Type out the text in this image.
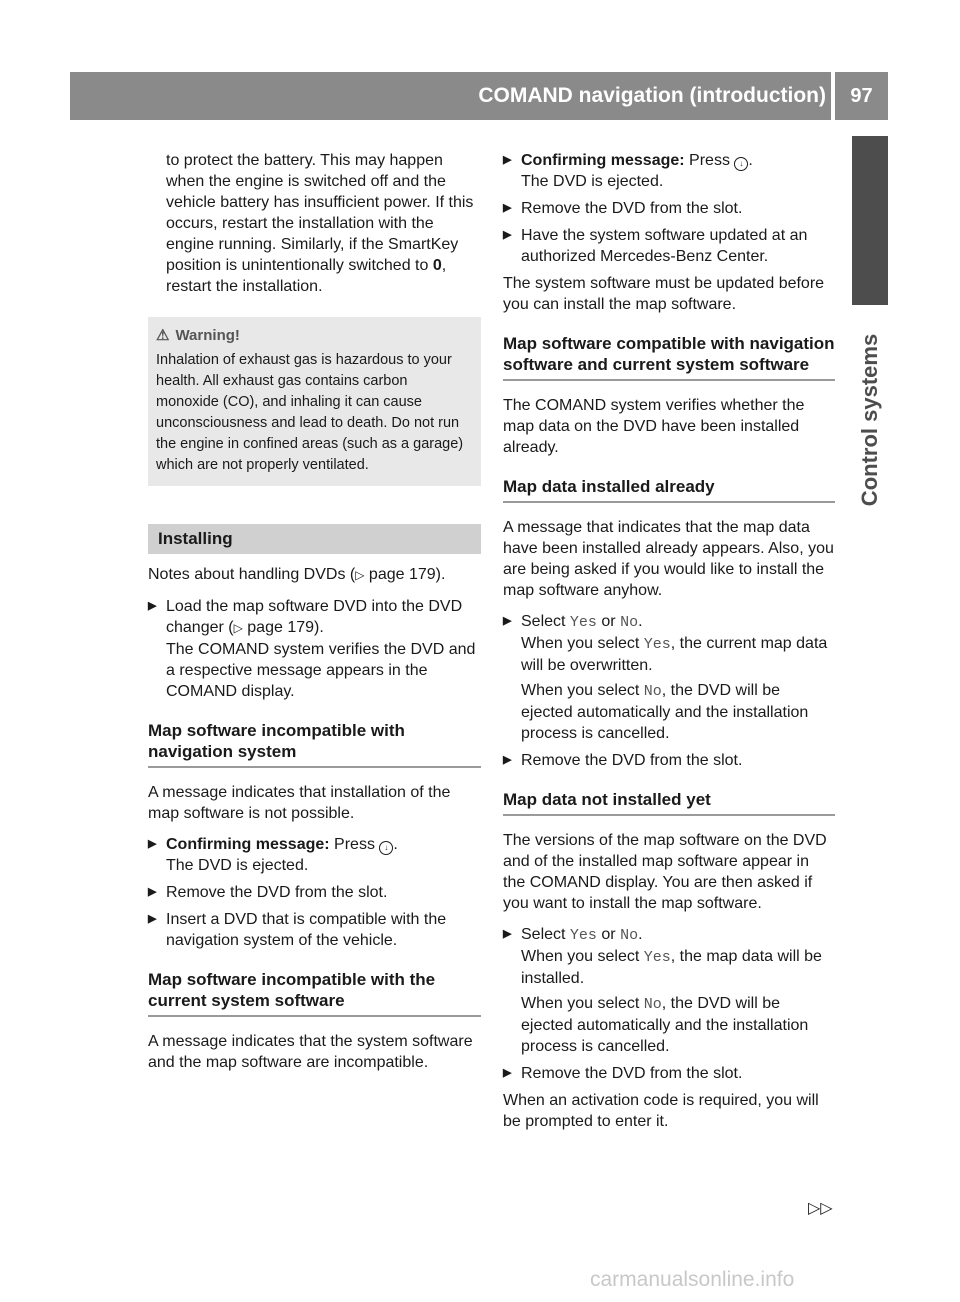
COMAND navigation (introduction)	97
Control systems

to protect the battery. This may happen when the engine is switched off and the vehicle battery has insufficient power. If this occurs, restart the installation with the engine running. Similarly, if the SmartKey position is unintentionally switched to 0, restart the installation.

⚠ Warning!

Inhalation of exhaust gas is hazardous to your health. All exhaust gas contains carbon monoxide (CO), and inhaling it can cause unconsciousness and lead to death. Do not run the engine in confined areas (such as a garage) which are not properly ventilated.

Installing

Notes about handling DVDs (▷ page 179).

▶ Load the map software DVD into the DVD changer (▷ page 179).

The COMAND system verifies the DVD and a respective message appears in the COMAND display.

Map software incompatible with navigation system

A message indicates that installation of the map software is not possible.

▶ Confirming message: Press ↓ .

The DVD is ejected.

▶ Remove the DVD from the slot.

▶ Insert a DVD that is compatible with the navigation system of the vehicle.

Map software incompatible with the current system software

A message indicates that the system software and the map software are incompatible.

▶ Confirming message: Press ↓ .

The DVD is ejected.

▶ Remove the DVD from the slot.

▶ Have the system software updated at an authorized Mercedes-Benz Center.

The system software must be updated before you can install the map software.

Map software compatible with navigation software and current system software

The COMAND system verifies whether the map data on the DVD have been installed already.

Map data installed already

A message that indicates that the map data have been installed already appears. Also, you are being asked if you would like to install the map software anyhow.

▶ Select Yes or No.

When you select Yes, the current map data will be overwritten.

When you select No, the DVD will be ejected automatically and the installation process is cancelled.

▶ Remove the DVD from the slot.

Map data not installed yet

The versions of the map software on the DVD and of the installed map software appear in the COMAND display. You are then asked if you want to install the map software.

▶ Select Yes or No.

When you select Yes, the map data will be installed.

When you select No, the DVD will be ejected automatically and the installation process is cancelled.

▶ Remove the DVD from the slot.

When an activation code is required, you will be prompted to enter it.

▷▷
carmanualsonline.info
